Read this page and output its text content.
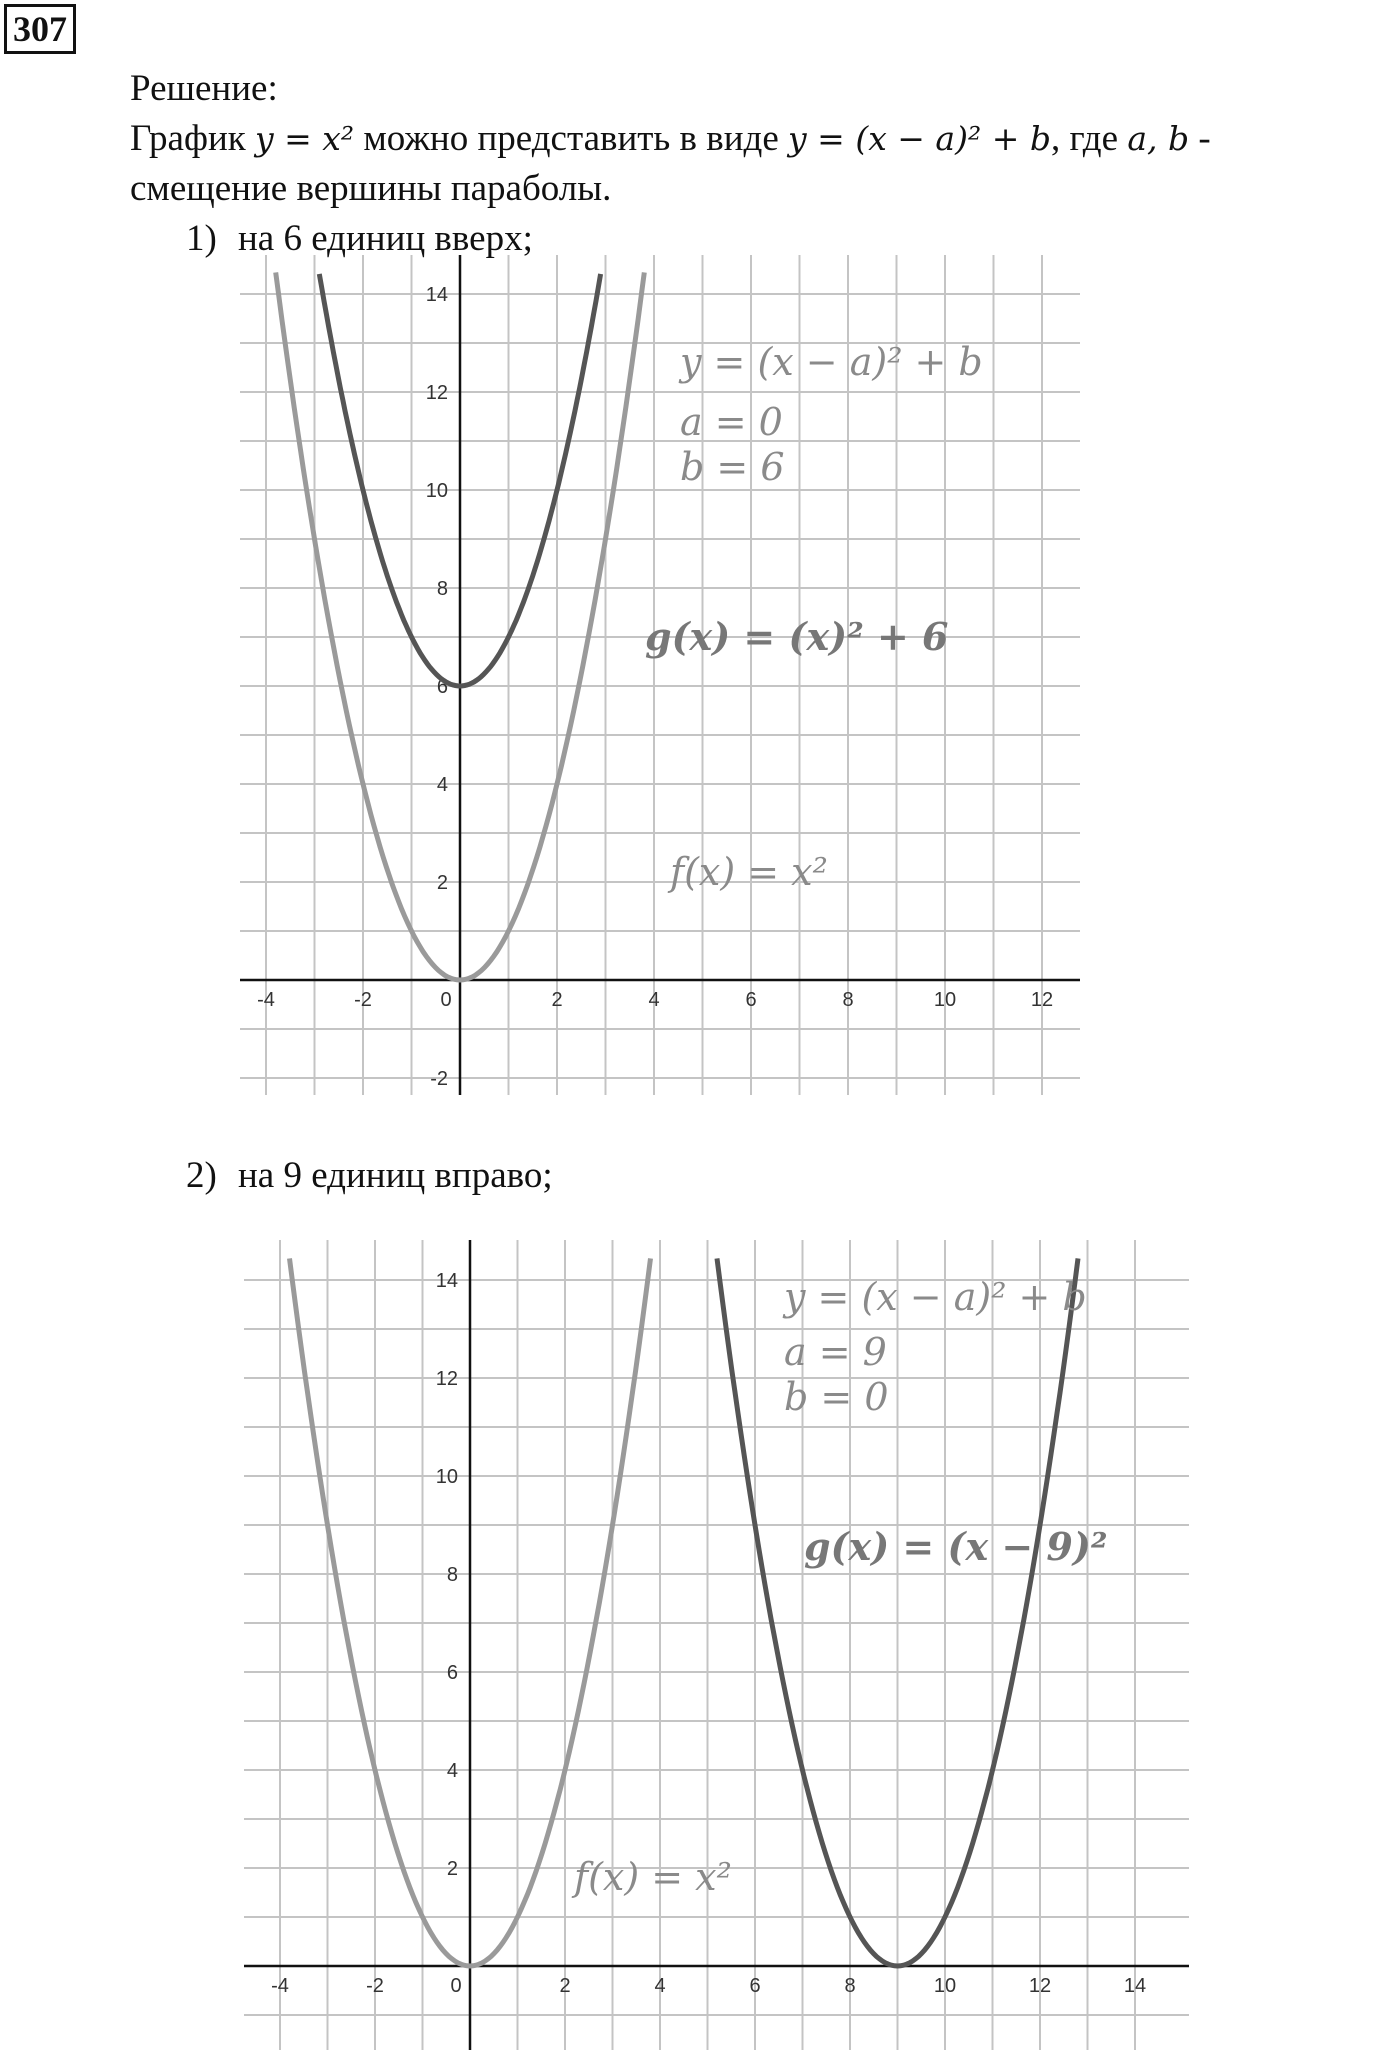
307
Решение:
График y = x² можно представить в виде y = (x − a)² + b, где a, b -
смещение вершины параболы.
1) на 6 единиц вверх;
-4	-2	0	2	4	6	8	10	12
14
12
10
8
6
4
2
-2
y = (x − a)² + b
a = 0
b = 6
g(x) = (x)² + 6
f(x) = x²
2) на 9 единиц вправо;
-4	-2	0	2	4	6	8	10	12	14
14
12
10
8
6
4
2
y = (x − a)² + b
a = 9
b = 0
g(x) = (x − 9)²
f(x) = x²
